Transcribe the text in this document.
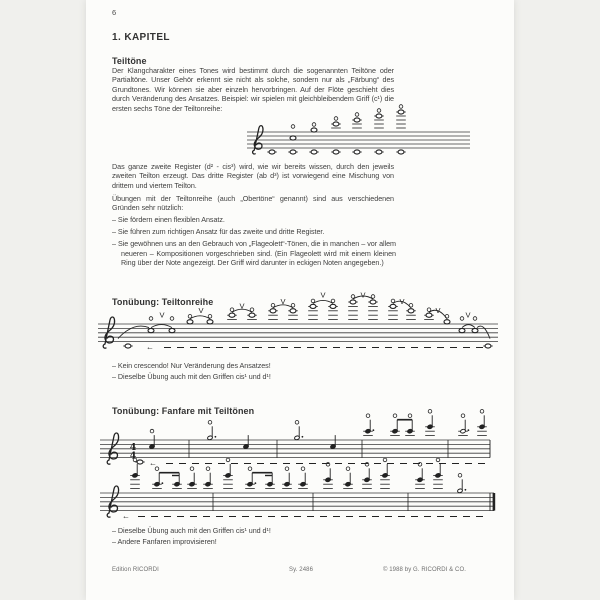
6
1. KAPITEL
Teiltöne
Der Klangcharakter eines Tones wird bestimmt durch die sogenannten Teiltöne oder Partialtöne. Unser Gehör erkennt sie nicht als solche, sondern nur als „Färbung“ des Grundtones. Wir können sie aber einzeln hervorbringen. Auf der Flöte geschieht dies durch Veränderung des Ansatzes. Beispiel: wir spielen mit gleichbleibendem Griff (c¹) die ersten sechs Töne der Teiltonreihe:
Das ganze zweite Register (d² - cis³) wird, wie wir bereits wissen, durch den jeweils zweiten Teilton erzeugt. Das dritte Register (ab d³) ist vorwiegend eine Mischung von drittem und viertem Teilton.
Übungen mit der Teiltonreihe (auch „Obertöne“ genannt) sind aus verschiedenen Gründen sehr nützlich:
– Sie fördern einen flexiblen Ansatz.
– Sie führen zum richtigen Ansatz für das zweite und dritte Register.
– Sie gewöhnen uns an den Gebrauch von „Flageolett“-Tönen, die in manchen – vor allem neueren – Kompositionen vorgeschrieben sind. (Ein Flageolett wird mit einem kleinen Ring über der Note angezeigt. Der Griff wird darunter in eckigen Noten angegeben.)
Tonübung: Teiltonreihe
– Kein crescendo! Nur Veränderung des Ansatzes!
– Dieselbe Übung auch mit den Griffen cis¹ und d¹!
Tonübung: Fanfare mit Teiltönen
– Dieselbe Übung auch mit den Griffen cis¹ und d¹!
– Andere Fanfaren improvisieren!
Edition RICORDI	Sy. 2486	© 1988 by G. RICORDI & CO.
←
V	V	V	V
V	V
V
V	V
4
4
←
←
